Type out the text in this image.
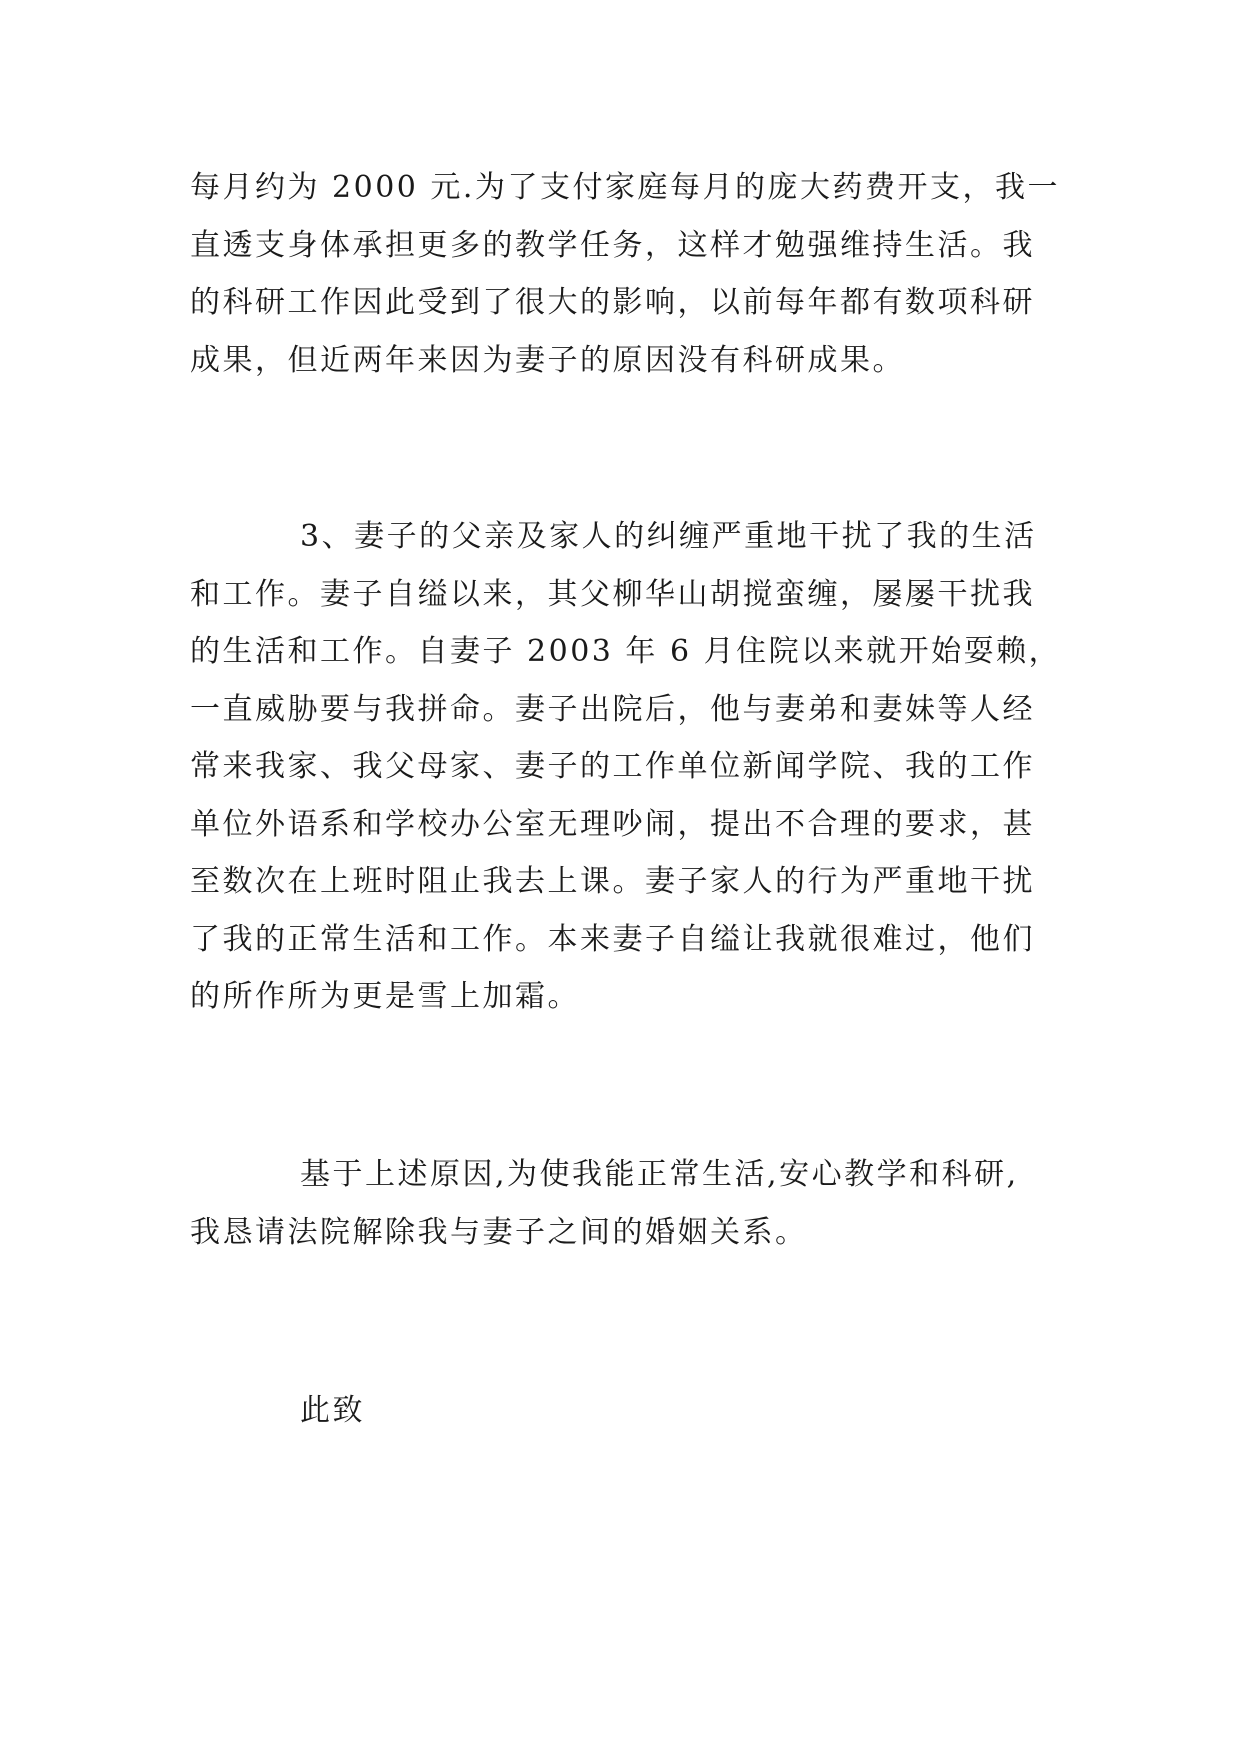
每月约为 2000 元.为了支付家庭每月的庞大药费开支，我一
直透支身体承担更多的教学任务，这样才勉强维持生活。我
的科研工作因此受到了很大的影响，以前每年都有数项科研
成果，但近两年来因为妻子的原因没有科研成果。
3、妻子的父亲及家人的纠缠严重地干扰了我的生活
和工作。妻子自缢以来，其父柳华山胡搅蛮缠，屡屡干扰我
的生活和工作。自妻子 2003 年 6 月住院以来就开始耍赖，
一直威胁要与我拼命。妻子出院后，他与妻弟和妻妹等人经
常来我家、我父母家、妻子的工作单位新闻学院、我的工作
单位外语系和学校办公室无理吵闹，提出不合理的要求，甚
至数次在上班时阻止我去上课。妻子家人的行为严重地干扰
了我的正常生活和工作。本来妻子自缢让我就很难过，他们
的所作所为更是雪上加霜。
基于上述原因,为使我能正常生活,安心教学和科研,
我恳请法院解除我与妻子之间的婚姻关系。
此致
